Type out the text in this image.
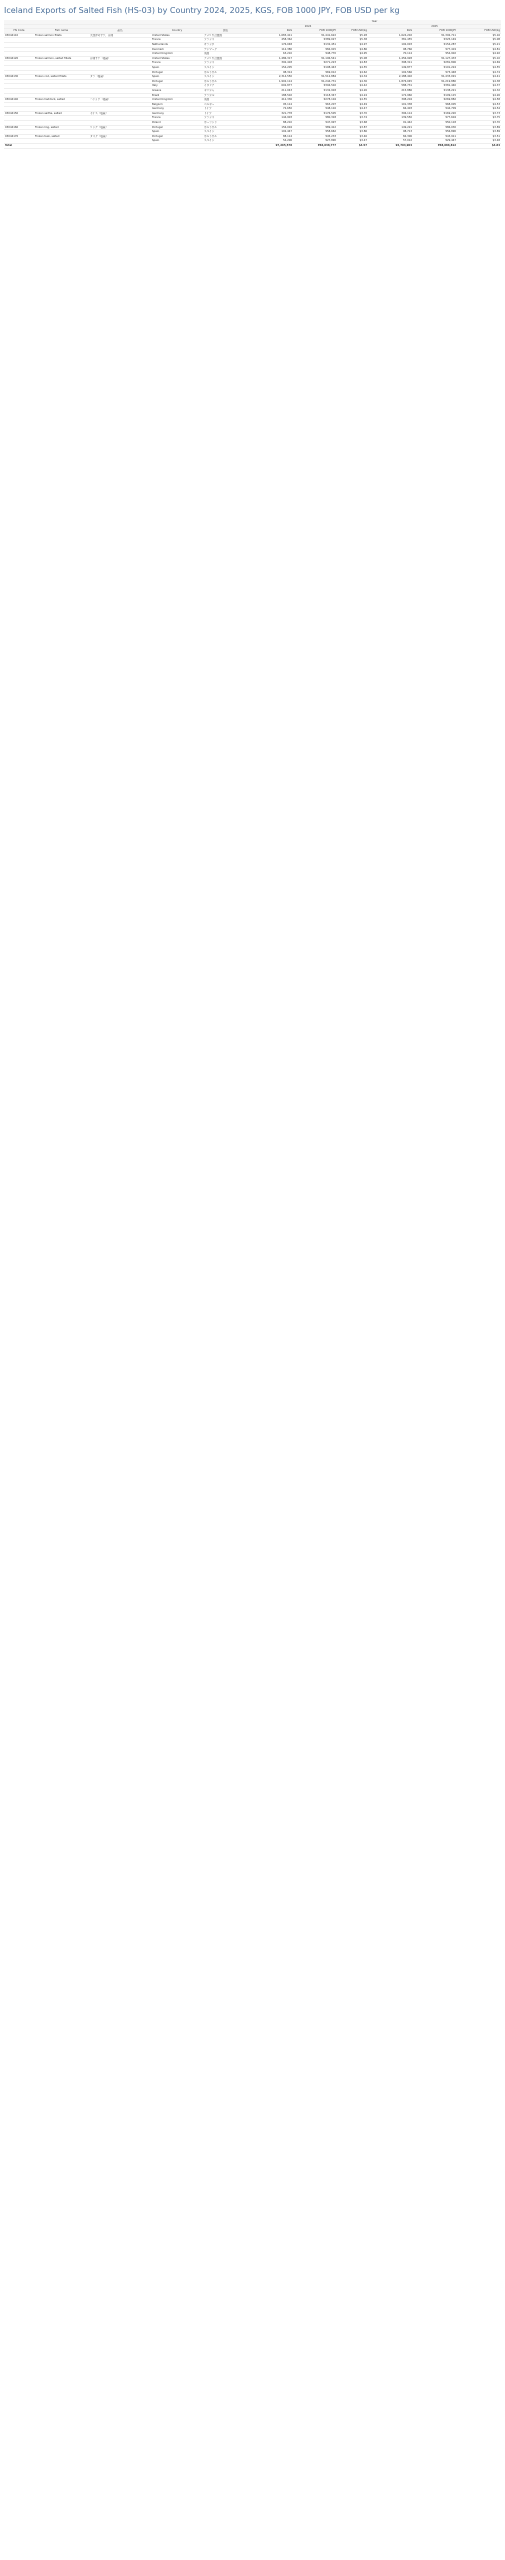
Iceland Exports of Salted Fish (HS-03) by Country 2024, 2025, KGS, FOB 1000 JPY, FOB USD per kg
					Year					
					2024			2025		
HS Code	Fish name	品名	Country	国名	KGS	FOB 1000JPY	FOB USD/kg	KGS	FOB 1000JPY	FOB USD/kg
03044110	Frozen salmon fillets	大西洋のサケ、冷凍	United States	アメリカ合衆国	1,683,411	¥1,441,622	$5.28	1,624,202	¥1,392,711	$5.16
			France	フランス	458,362	¥389,027	$5.38	381,455	¥325,149	$5.08
			Netherlands	オランダ	176,048	¥132,451	$4.97	192,003	¥154,287	$5.21
			Denmark	デンマーク	112,380	¥84,915	$4.86	98,766	¥77,419	$4.81
			United Kingdom	英国	63,210	¥48,770	$4.95	70,114	¥54,902	$4.92
03044120	Frozen salmon, salted fillets	冷凍サケ（塩蔵）	United States	アメリカ合衆国	1,486,317	¥1,196,541	$5.08	1,456,928	¥1,127,433	$5.10
			France	フランス	392,418	¥271,223	$4.83	398,311	¥281,806	$4.69
			Spain	スペイン	154,205	¥108,443	$4.55	149,877	¥101,224	$4.55
			Portugal	ポルトガル	98,314	¥69,012	$4.62	102,566	¥73,448	$4.74
03044130	Frozen cod, salted fillets	タラ（塩蔵）	Spain	スペイン	2,314,550	¥1,512,884	$4.34	2,188,402	¥1,433,091	$4.41
			Portugal	ポルトガル	1,902,114	¥1,244,731	$4.36	1,876,045	¥1,219,880	$4.38
			Italy	イタリア	602,877	¥394,502	$4.42	588,731	¥381,440	$4.37
			Greece	ギリシャ	211,043	¥132,918	$4.26	215,886	¥138,221	$4.32
			Brazil	ブラジル	188,502	¥118,347	$4.24	172,960	¥109,115	$4.26
03044140	Frozen haddock, salted	ハドック（塩蔵）	United Kingdom	英国	412,336	¥278,104	$4.55	398,204	¥269,882	$4.58
			Belgium	ベルギー	95,114	¥63,207	$4.49	101,338	¥68,005	$4.53
			Germany	ドイツ	72,650	¥48,116	$4.47	66,403	¥44,709	$4.54
03044150	Frozen saithe, salted	セイス（塩蔵）	Germany	ドイツ	321,778	¥176,505	$3.70	306,114	¥169,220	$3.73
			France	フランス	144,903	¥80,318	$3.74	139,550	¥77,604	$3.75
			Poland	ポーランド	88,210	¥47,997	$3.68	91,442	¥50,118	$3.70
03044160	Frozen ling, salted	リング（塩蔵）	Portugal	ポルトガル	156,004	¥89,412	$3.87	149,221	¥86,030	$3.89
			Spain	スペイン	102,447	¥58,662	$3.86	98,713	¥56,890	$3.89
03044170	Frozen tusk, salted	タスク（塩蔵）	Portugal	ポルトガル	88,114	¥45,233	$3.46	84,306	¥43,911	$3.51
			Spain	スペイン	54,206	¥27,890	$3.47	57,012	¥29,447	$3.48
Total					97,265,578	¥66,038,777	$4.57	94,794,904	¥68,086,812	$4.84
